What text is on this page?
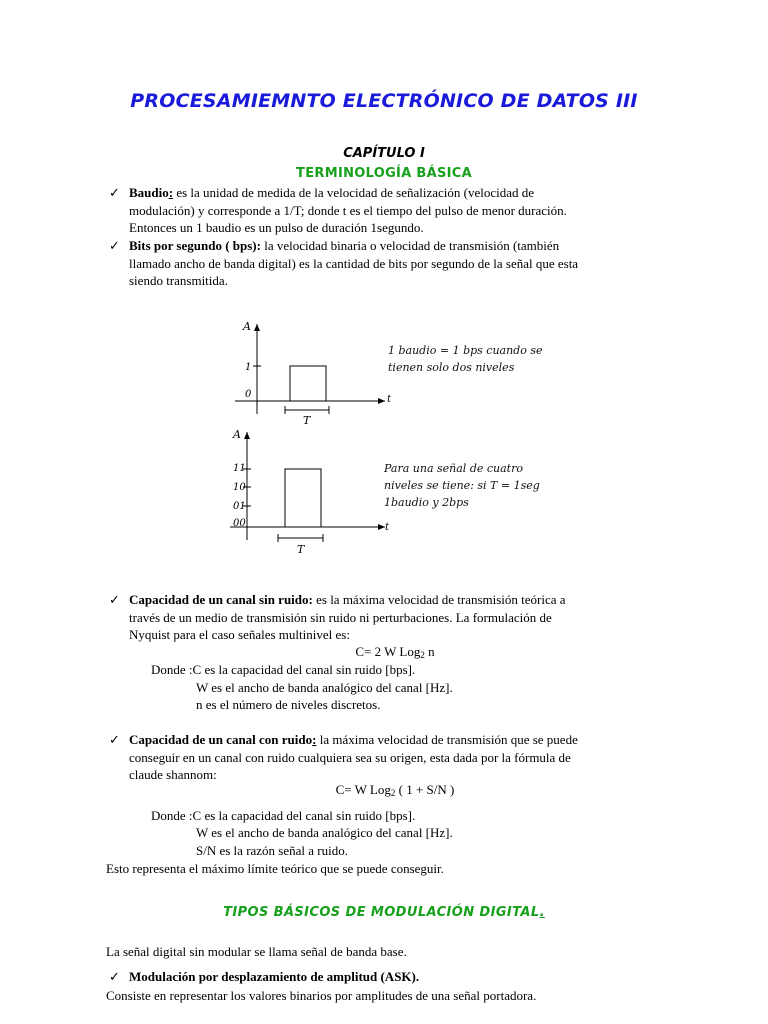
PROCESAMIEMNTO ELECTRÓNICO DE DATOS III
CAPÍTULO I
TERMINOLOGÍA BÁSICA
✓ Baudio: es la unidad de medida de la velocidad de señalización (velocidad de
modulación) y corresponde a 1/T; donde t es el tiempo del pulso de menor duración.
Entonces un 1 baudio es un pulso de duración 1segundo.
✓ Bits por segundo ( bps): la velocidad binaria o velocidad de transmisión (también
llamado ancho de banda digital) es la cantidad de bits por segundo de la señal que esta
siendo transmitida.
A
t
1
0
T
1 baudio = 1 bps cuando se
tienen solo dos niveles
A
t
11
10
01
00
T
Para una señal de cuatro
niveles se tiene: si T = 1seg
1baudio y 2bps
✓ Capacidad de un canal sin ruido: es la máxima velocidad de transmisión teórica a
través de un medio de transmisión sin ruido ni perturbaciones. La formulación de
Nyquist para el caso señales multinivel es:
C= 2 W Log$_2$ n
Donde :C es la capacidad del canal sin ruido [bps].
W es el ancho de banda analógico del canal [Hz].
n es el número de niveles discretos.
✓ Capacidad de un canal con ruido: la máxima velocidad de transmisión que se puede
conseguir en un canal con ruido cualquiera sea su origen, esta dada por la fórmula de
claude shannom:
C= W Log$_2$ ( 1 + S/N )
Donde :C es la capacidad del canal sin ruido [bps].
W es el ancho de banda analógico del canal [Hz].
S/N es la razón señal a ruido.
Esto representa el máximo límite teórico que se puede conseguir.
TIPOS BÁSICOS DE MODULACIÓN DIGITAL.
La señal digital sin modular se llama señal de banda base.
✓ Modulación por desplazamiento de amplitud (ASK).
Consiste en representar los valores binarios por amplitudes de una señal portadora.
